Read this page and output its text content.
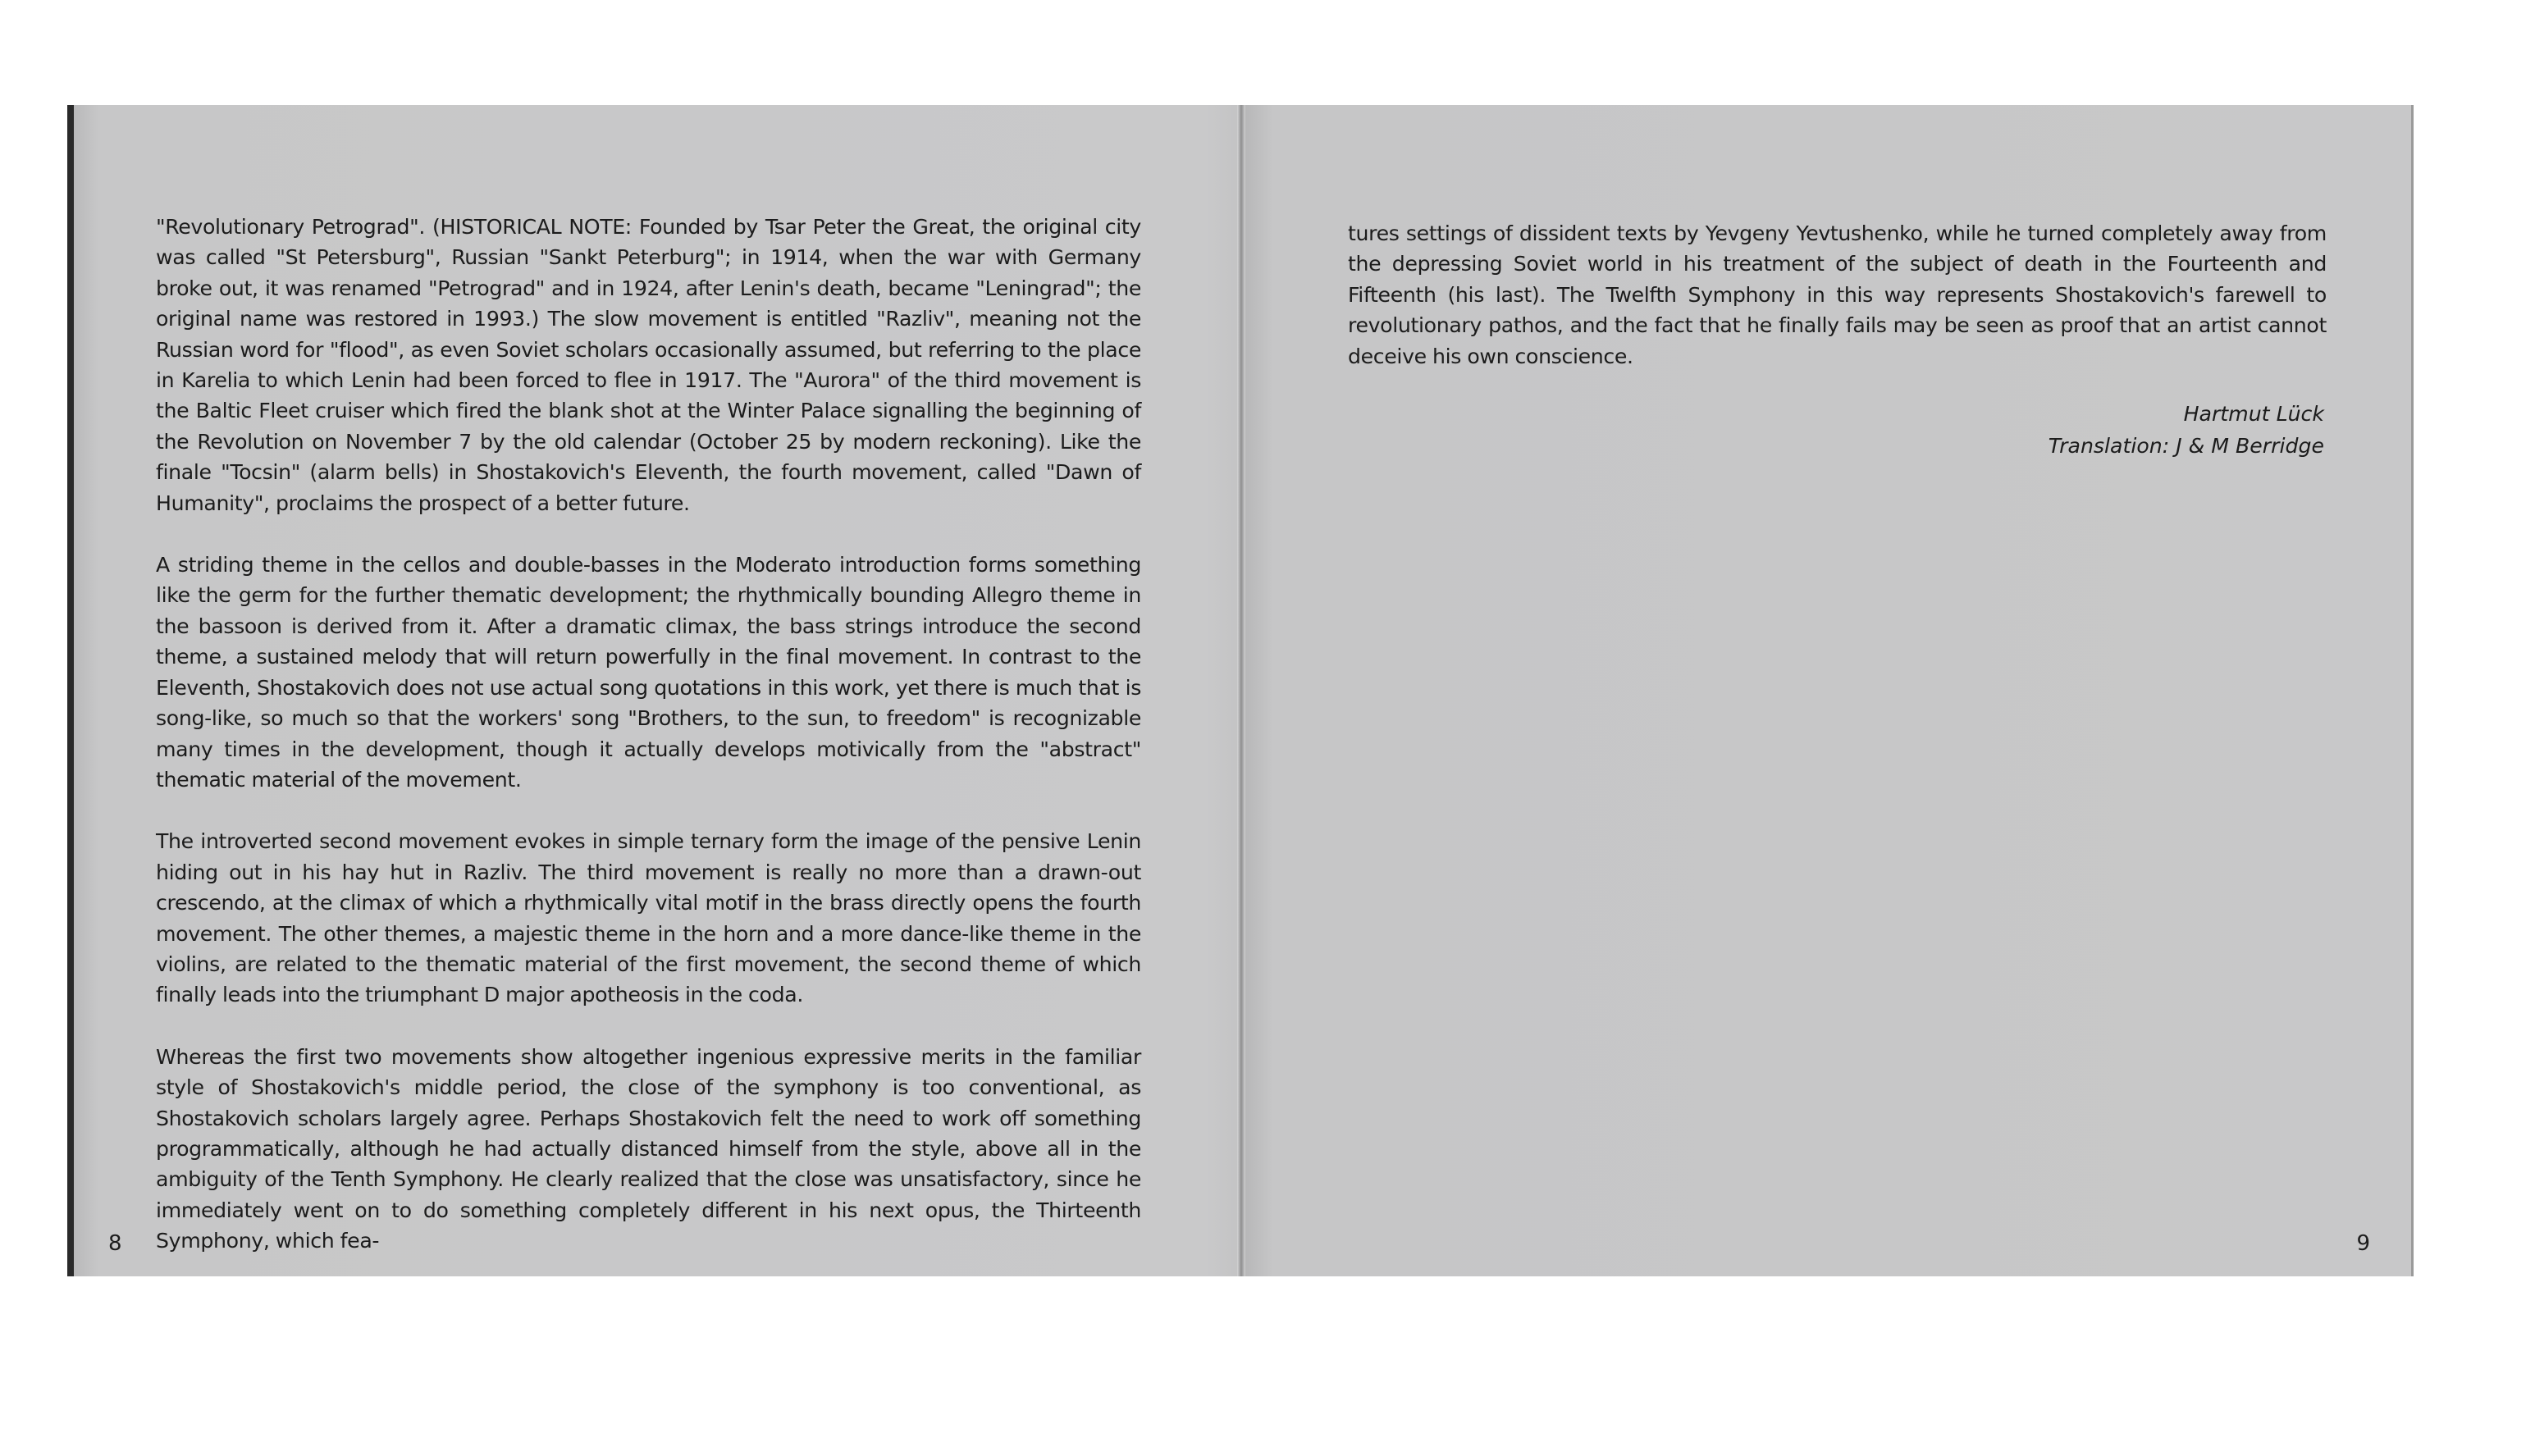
"Revolutionary Petrograd". (HISTORICAL NOTE: Founded by Tsar Peter the Great, the original city was called "St Petersburg", Russian "Sankt Peterburg"; in 1914, when the war with Germany broke out, it was renamed "Petrograd" and in 1924, after Lenin's death, became "Leningrad"; the original name was restored in 1993.) The slow movement is entitled "Razliv", meaning not the Russian word for "flood", as even Soviet scholars occasionally assumed, but referring to the place in Karelia to which Lenin had been forced to flee in 1917. The "Aurora" of the third movement is the Baltic Fleet cruiser which fired the blank shot at the Winter Palace signalling the beginning of the Revolution on November 7 by the old calendar (October 25 by modern reckoning). Like the finale "Tocsin" (alarm bells) in Shostakovich's Eleventh, the fourth movement, called "Dawn of Humanity", proclaims the prospect of a better future.

A striding theme in the cellos and double-basses in the Moderato introduction forms something like the germ for the further thematic development; the rhythmically bounding Allegro theme in the bassoon is derived from it. After a dramatic climax, the bass strings introduce the second theme, a sustained melody that will return powerfully in the final movement. In contrast to the Eleventh, Shostakovich does not use actual song quotations in this work, yet there is much that is song-like, so much so that the workers' song "Brothers, to the sun, to freedom" is recognizable many times in the development, though it actually develops motivically from the "abstract" thematic material of the movement.

The introverted second movement evokes in simple ternary form the image of the pensive Lenin hiding out in his hay hut in Razliv. The third movement is really no more than a drawn-out crescendo, at the climax of which a rhythmically vital motif in the brass directly opens the fourth movement. The other themes, a majestic theme in the horn and a more dance-like theme in the violins, are related to the thematic material of the first movement, the second theme of which finally leads into the triumphant D major apotheosis in the coda.

Whereas the first two movements show altogether ingenious expressive merits in the familiar style of Shostakovich's middle period, the close of the symphony is too conventional, as Shostakovich scholars largely agree. Perhaps Shostakovich felt the need to work off something programmatically, although he had actually distanced himself from the style, above all in the ambiguity of the Tenth Symphony. He clearly realized that the close was unsatisfactory, since he immediately went on to do something completely different in his next opus, the Thirteenth Symphony, which fea-

8

tures settings of dissident texts by Yevgeny Yevtushenko, while he turned completely away from the depressing Soviet world in his treatment of the subject of death in the Fourteenth and Fifteenth (his last). The Twelfth Symphony in this way represents Shostakovich's farewell to revolutionary pathos, and the fact that he finally fails may be seen as proof that an artist cannot deceive his own conscience.

Hartmut Lück
Translation: J & M Berridge
9
